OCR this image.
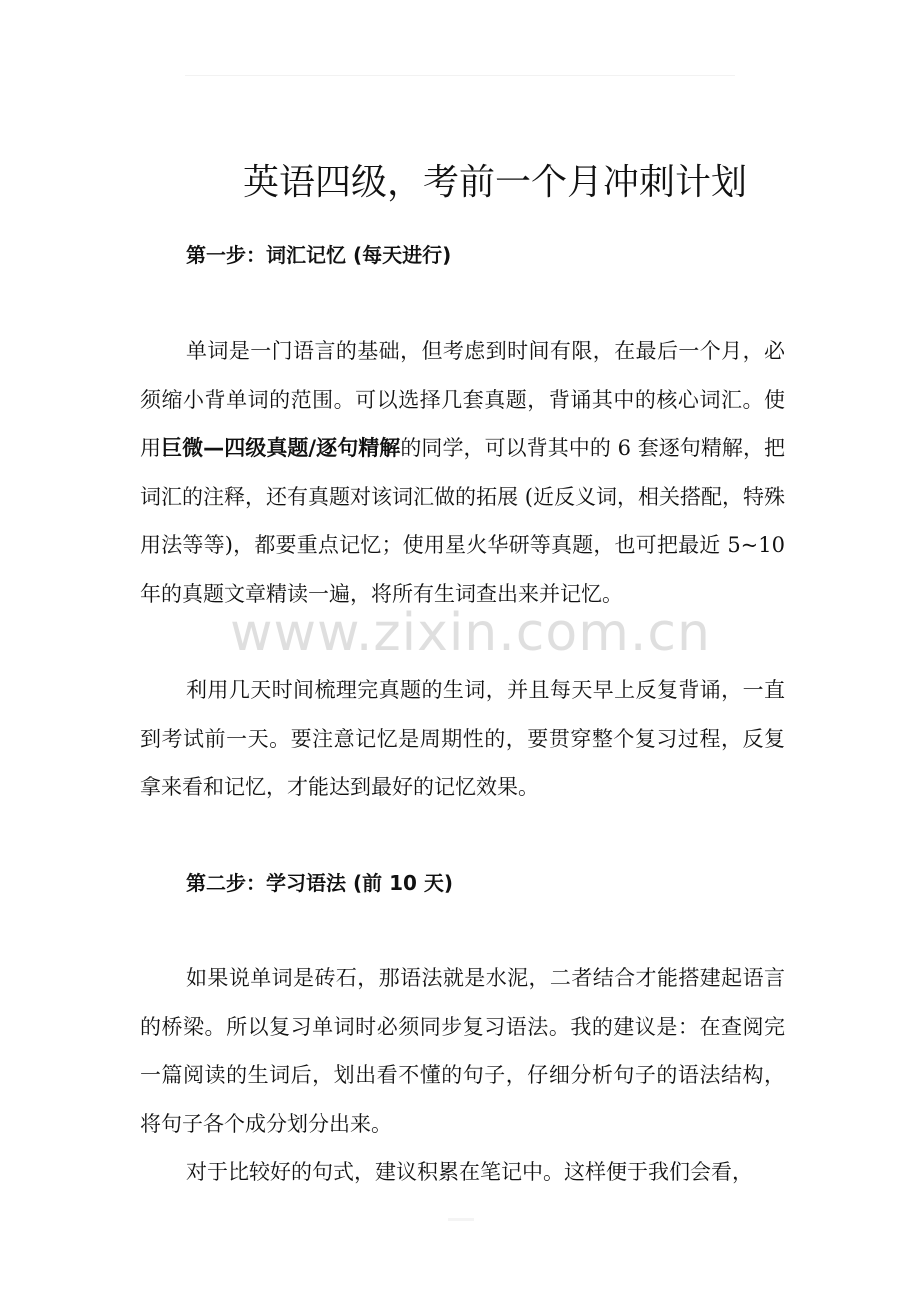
英语四级，考前一个月冲刺计划
第一步：词汇记忆 (每天进行)

单词是一门语言的基础，但考虑到时间有限，在最后一个月，必须缩小背单词的范围。可以选择几套真题，背诵其中的核心词汇。使用巨微—四级真题/逐句精解的同学，可以背其中的 6 套逐句精解，把词汇的注释，还有真题对该词汇做的拓展 (近反义词，相关搭配，特殊用法等等)，都要重点记忆；使用星火华研等真题，也可把最近 5~10 年的真题文章精读一遍，将所有生词查出来并记忆。

利用几天时间梳理完真题的生词，并且每天早上反复背诵，一直到考试前一天。要注意记忆是周期性的，要贯穿整个复习过程，反复拿来看和记忆，才能达到最好的记忆效果。

第二步：学习语法 (前 10 天)

如果说单词是砖石，那语法就是水泥，二者结合才能搭建起语言的桥梁。所以复习单词时必须同步复习语法。我的建议是：在查阅完一篇阅读的生词后，划出看不懂的句子，仔细分析句子的语法结构，将句子各个成分划分出来。

对于比较好的句式，建议积累在笔记中。这样便于我们会看，

www.zixin.com.cn
